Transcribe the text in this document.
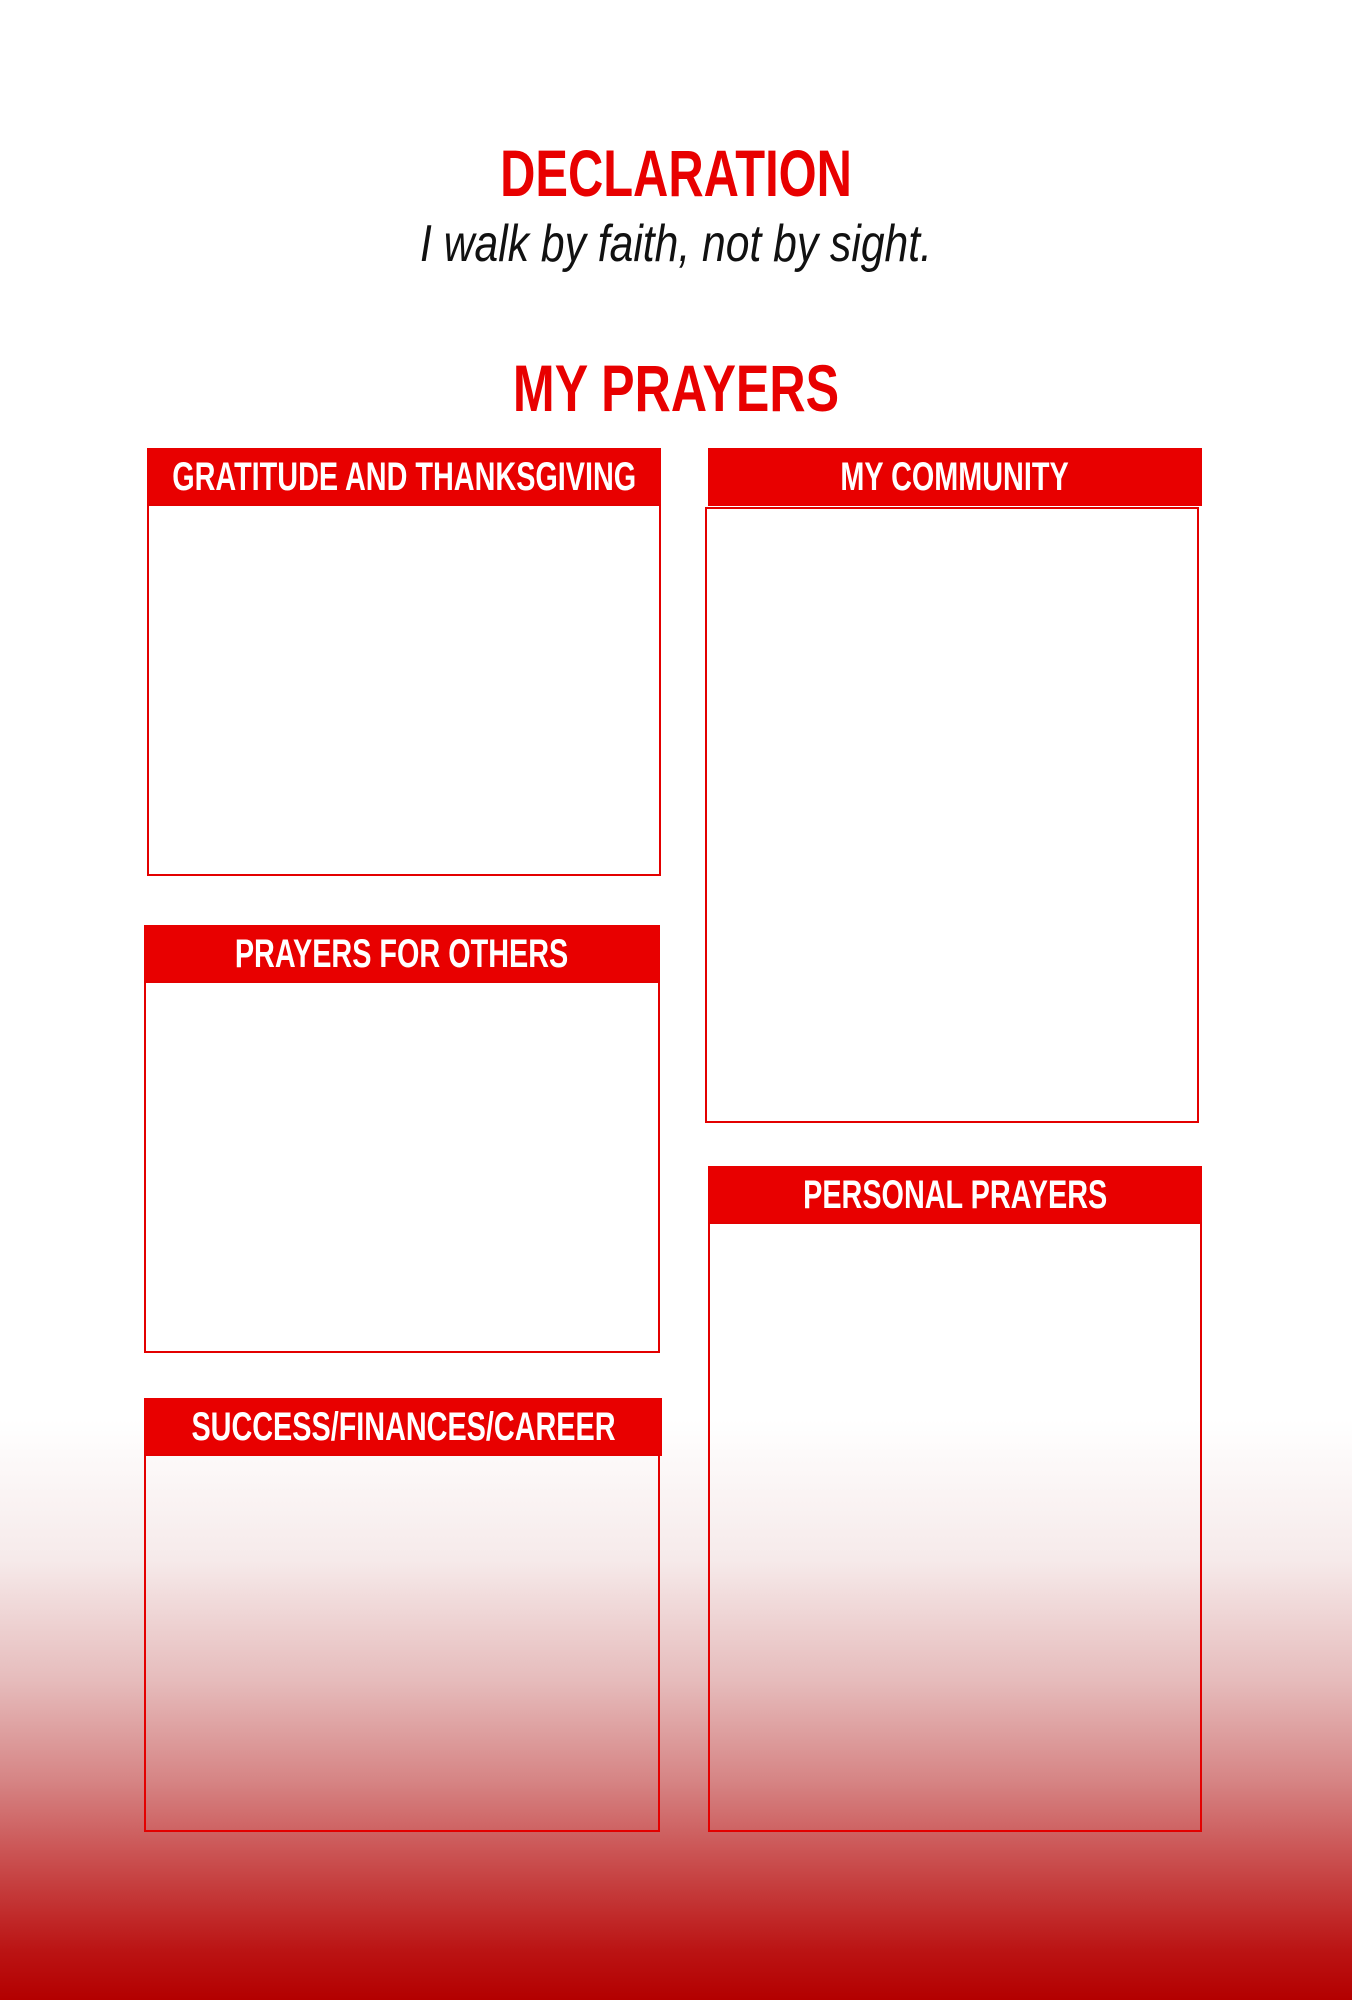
DECLARATION

I walk by faith, not by sight.

MY PRAYERS
GRATITUDE AND THANKSGIVING	MY COMMUNITY
PRAYERS FOR OTHERS
PERSONAL PRAYERS
SUCCESS/FINANCES/CAREER
